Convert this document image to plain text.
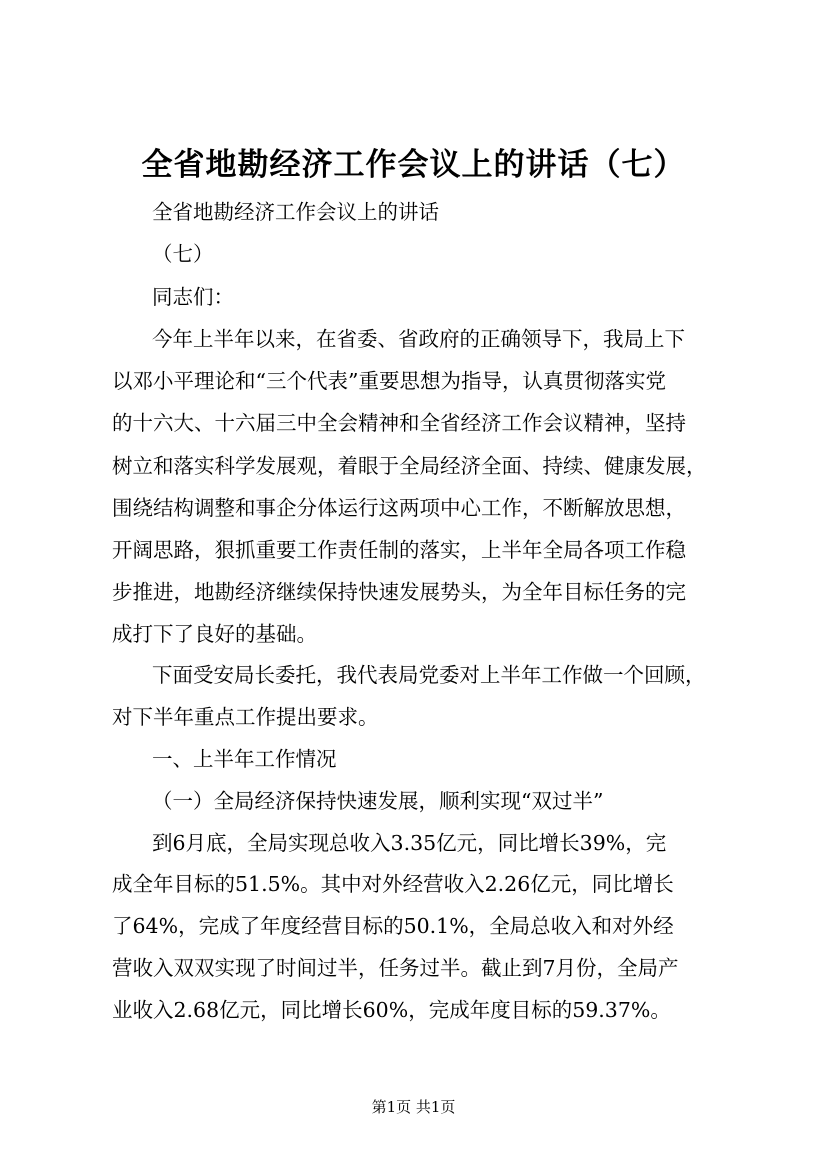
全省地勘经济工作会议上的讲话（七）

全省地勘经济工作会议上的讲话

（七）

同志们：

今年上半年以来，在省委、省政府的正确领导下，我局上下

以邓小平理论和“三个代表”重要思想为指导，认真贯彻落实党

的十六大、十六届三中全会精神和全省经济工作会议精神，坚持

树立和落实科学发展观，着眼于全局经济全面、持续、健康发展，

围绕结构调整和事企分体运行这两项中心工作，不断解放思想，

开阔思路，狠抓重要工作责任制的落实，上半年全局各项工作稳

步推进，地勘经济继续保持快速发展势头，为全年目标任务的完

成打下了良好的基础。

下面受安局长委托，我代表局党委对上半年工作做一个回顾，

对下半年重点工作提出要求。

一、上半年工作情况

（一）全局经济保持快速发展，顺利实现“双过半”

到6月底，全局实现总收入3.35亿元，同比增长39%，完

成全年目标的51.5%。其中对外经营收入2.26亿元，同比增长

了64%，完成了年度经营目标的50.1%，全局总收入和对外经

营收入双双实现了时间过半，任务过半。截止到7月份，全局产

业收入2.68亿元，同比增长60%，完成年度目标的59.37%。

第1页 共1页
